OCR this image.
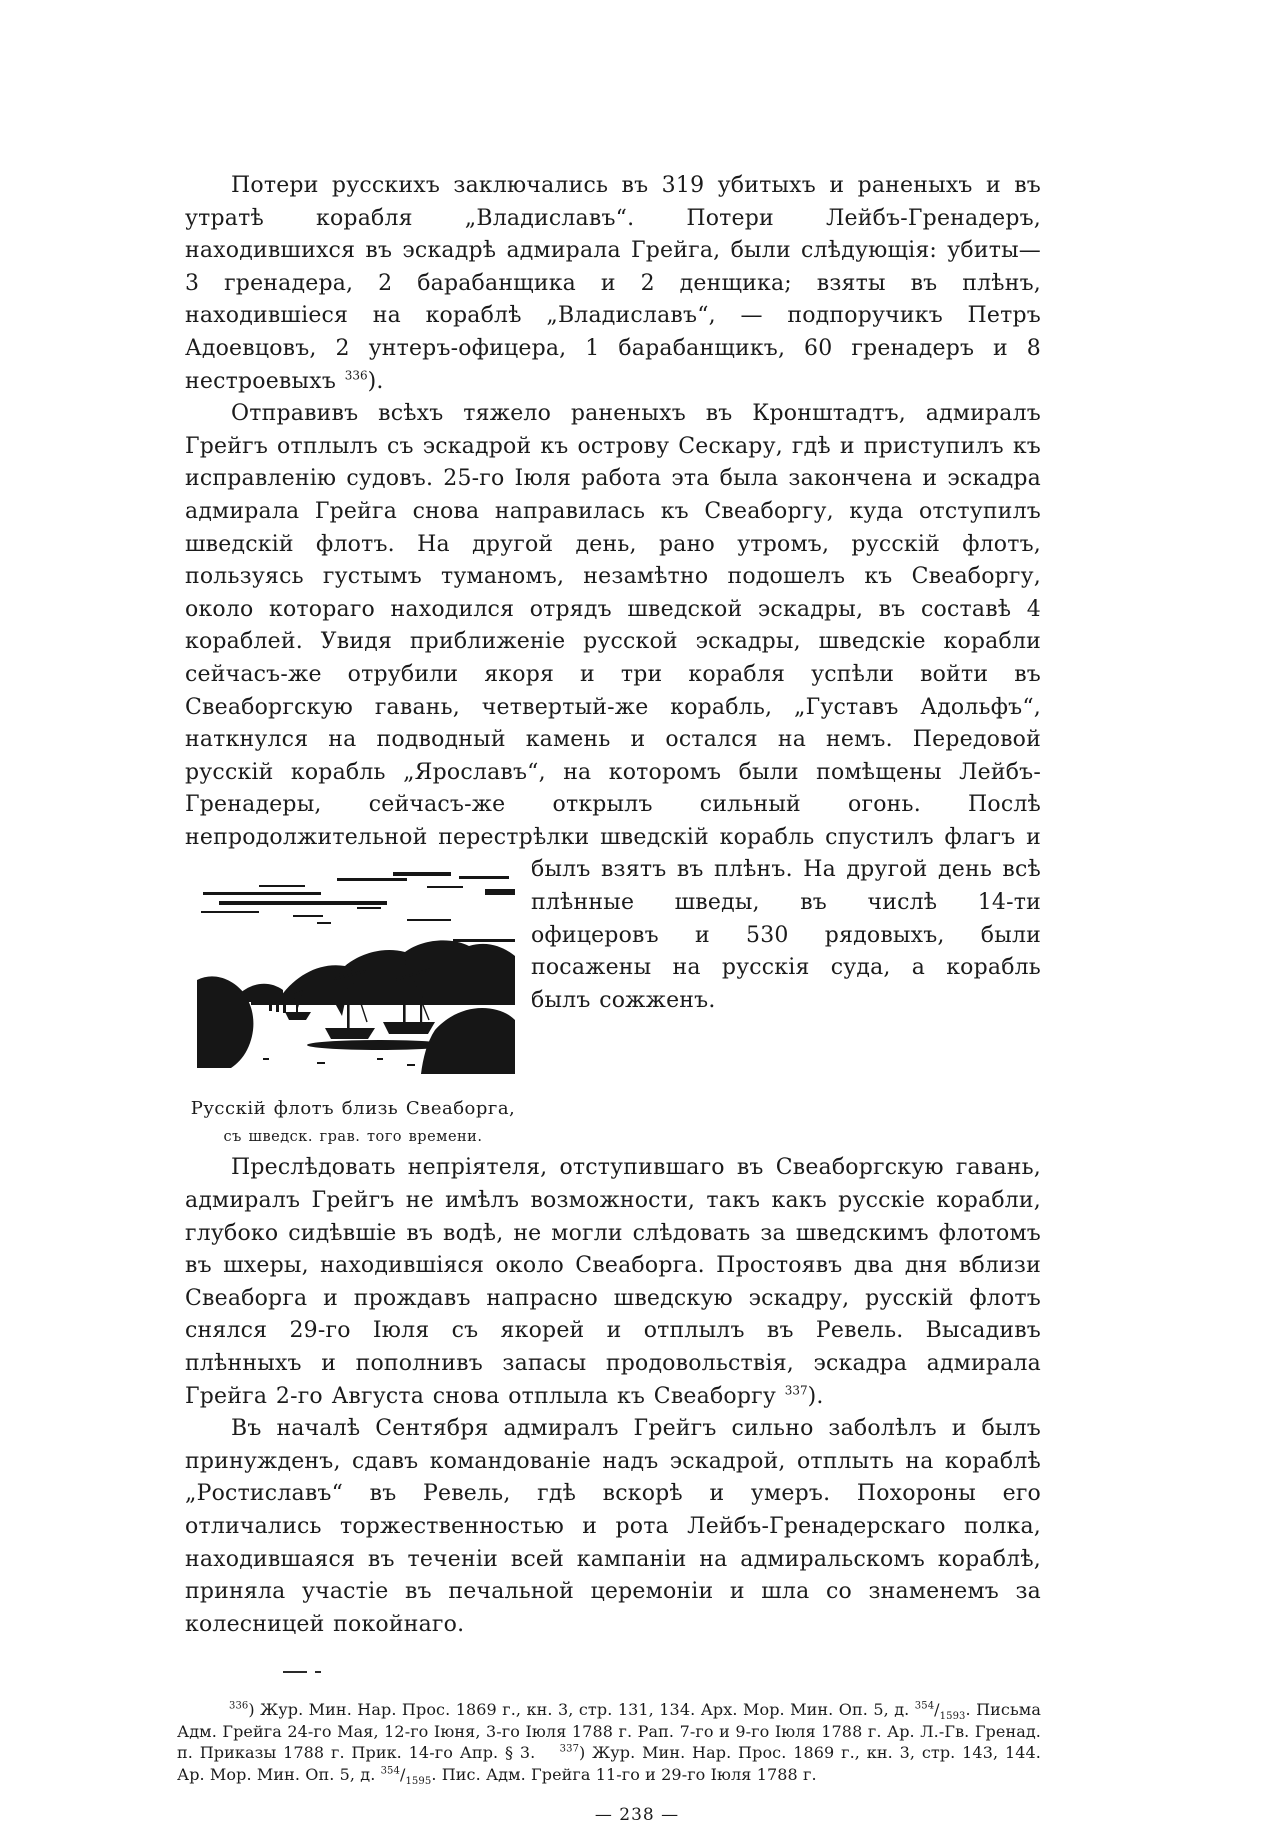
Потери русскихъ заключались въ 319 убитыхъ и раненыхъ и въ утратѣ корабля „Владиславъ“. Потери Лейбъ-Гренадеръ, находившихся въ эскадрѣ адмирала Грейга, были слѣдующія: убиты—3 гренадера, 2 барабанщика и 2 денщика; взяты въ плѣнъ, находившіеся на кораблѣ „Владиславъ“, — подпоручикъ Петръ Адоевцовъ, 2 унтеръ-офицера, 1 барабанщикъ, 60 гренадеръ и 8 нестроевыхъ $^{336}$).

Отправивъ всѣхъ тяжело раненыхъ въ Кронштадтъ, адмиралъ Грейгъ отплылъ съ эскадрой къ острову Сескару, гдѣ и приступилъ къ исправленію судовъ. 25-го Іюля работа эта была закончена и эскадра адмирала Грейга снова направилась къ Свеаборгу, куда отступилъ шведскій флотъ. На другой день, рано утромъ, русскій флотъ, пользуясь густымъ туманомъ, незамѣтно подошелъ къ Свеаборгу, около котораго находился отрядъ шведской эскадры, въ составѣ 4 кораблей. Увидя приближеніе русской эскадры, шведскіе корабли сейчасъ-же отрубили якоря и три корабля успѣли войти въ Свеаборгскую гавань, четвертый-же корабль, „Густавъ Адольфъ“, наткнулся на подводный камень и остался на немъ. Передовой русскій корабль „Ярославъ“, на которомъ были помѣщены Лейбъ-Гренадеры, сейчасъ-же открылъ сильный огонь. Послѣ непродолжительной перестрѣлки шведскій корабль спустилъ флагъ и былъ взятъ въ плѣнъ. На другой
Русскій флотъ близь Свеаборга,
съ шведск. грав. того времени.
день всѣ плѣнные шведы, въ числѣ 14-ти офицеровъ и 530 рядовыхъ, были посажены на русскія суда, а корабль былъ сожженъ.

Преслѣдовать непріятеля, отступившаго въ Свеаборгскую гавань, адмиралъ Грейгъ не имѣлъ возможности, такъ какъ русскіе корабли, глубоко сидѣвшіе въ водѣ, не могли слѣдовать за шведскимъ флотомъ въ шхеры, находившіяся около Свеаборга. Простоявъ два дня вблизи Свеаборга и прождавъ напрасно шведскую эскадру, русскій флотъ снялся 29-го Іюля съ якорей и отплылъ въ Ревель. Высадивъ плѣнныхъ и пополнивъ запасы продовольствія, эскадра адмирала Грейга 2-го Августа снова отплыла къ Свеаборгу $^{337}$).

Въ началѣ Сентября адмиралъ Грейгъ сильно заболѣлъ и былъ принужденъ, сдавъ командованіе надъ эскадрой, отплыть на кораблѣ „Ростиславъ“ въ Ревель, гдѣ вскорѣ и умеръ. Похороны его отличались торжественностью и рота Лейбъ-Гренадерскаго полка, находившаяся въ теченіи всей кампаніи на адмиральскомъ кораблѣ, приняла участіе въ печальной церемоніи и шла со знаменемъ за колесницей покойнаго.

$^{336}$) Жур. Мин. Нар. Прос. 1869 г., кн. 3, стр. 131, 134. Арх. Мор. Мин. Оп. 5, д. $^{354}/_{1593}$. Письма Адм. Грейга 24-го Мая, 12-го Іюня, 3-го Іюля 1788 г. Рап. 7-го и 9-го Іюля 1788 г. Ар. Л.-Гв. Гренад. п. Приказы 1788 г. Прик. 14-го Апр. § 3.   $^{337}$) Жур. Мин. Нар. Прос. 1869 г., кн. 3, стр. 143, 144. Ар. Мор. Мин. Оп. 5, д. $^{354}/_{1595}$. Пис. Адм. Грейга 11-го и 29-го Іюля 1788 г.

— 238 —
